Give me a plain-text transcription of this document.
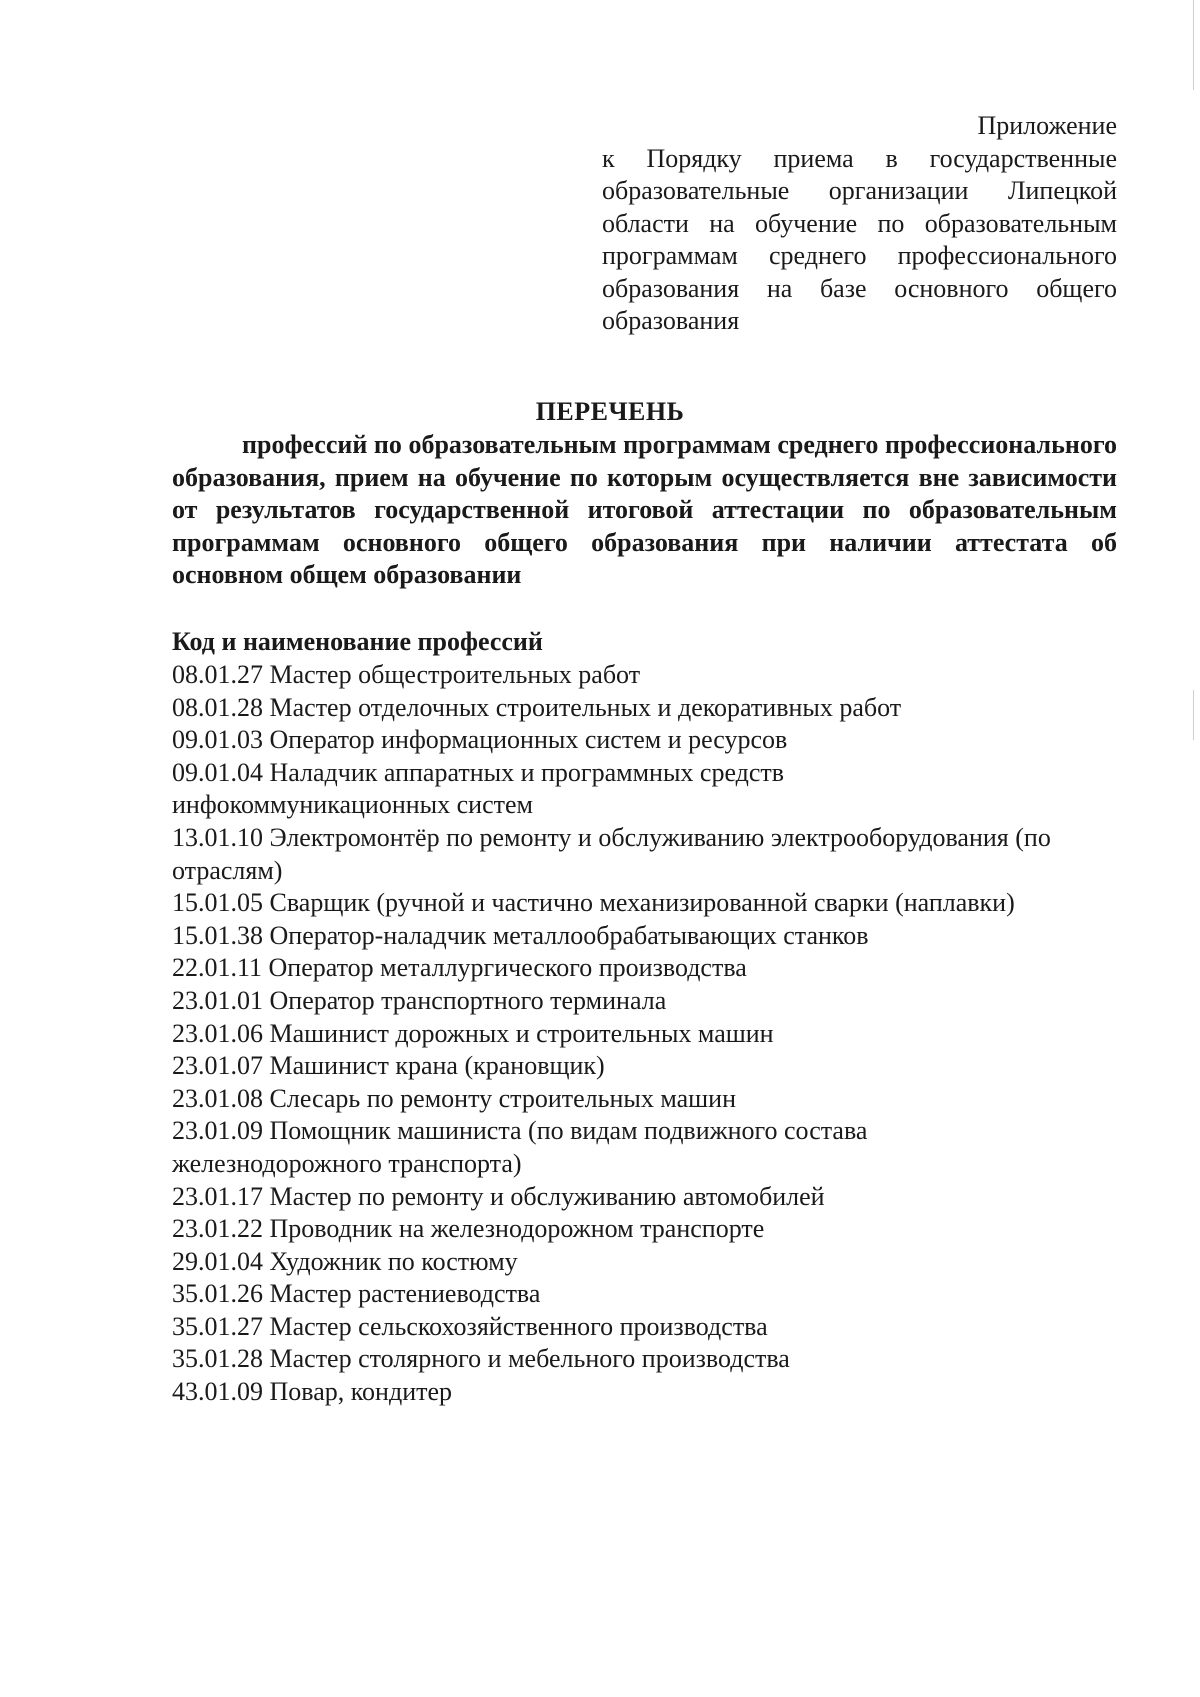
Приложение
к Порядку приема в государственные образовательные организации Липецкой области на обучение по образовательным программам среднего профессионального образования на базе основного общего образования
ПЕРЕЧЕНЬ
профессий по образовательным программам среднего профессионального образования, прием на обучение по которым осуществляется вне зависимости от результатов государственной итоговой аттестации по образовательным программам основного общего образования при наличии аттестата об основном общем образовании
Код и наименование профессий
08.01.27 Мастер общестроительных работ
08.01.28 Мастер отделочных строительных и декоративных работ
09.01.03 Оператор информационных систем и ресурсов
09.01.04 Наладчик аппаратных и программных средств инфокоммуникационных систем
13.01.10 Электромонтёр по ремонту и обслуживанию электрооборудования (по отраслям)
15.01.05 Сварщик (ручной и частично механизированной сварки (наплавки)
15.01.38 Оператор-наладчик металлообрабатывающих станков
22.01.11 Оператор металлургического производства
23.01.01 Оператор транспортного терминала
23.01.06 Машинист дорожных и строительных машин
23.01.07 Машинист крана (крановщик)
23.01.08 Слесарь по ремонту строительных машин
23.01.09 Помощник машиниста (по видам подвижного состава железнодорожного транспорта)
23.01.17 Мастер по ремонту и обслуживанию автомобилей
23.01.22 Проводник на железнодорожном транспорте
29.01.04 Художник по костюму
35.01.26 Мастер растениеводства
35.01.27 Мастер сельскохозяйственного производства
35.01.28 Мастер столярного и мебельного производства
43.01.09 Повар, кондитер
